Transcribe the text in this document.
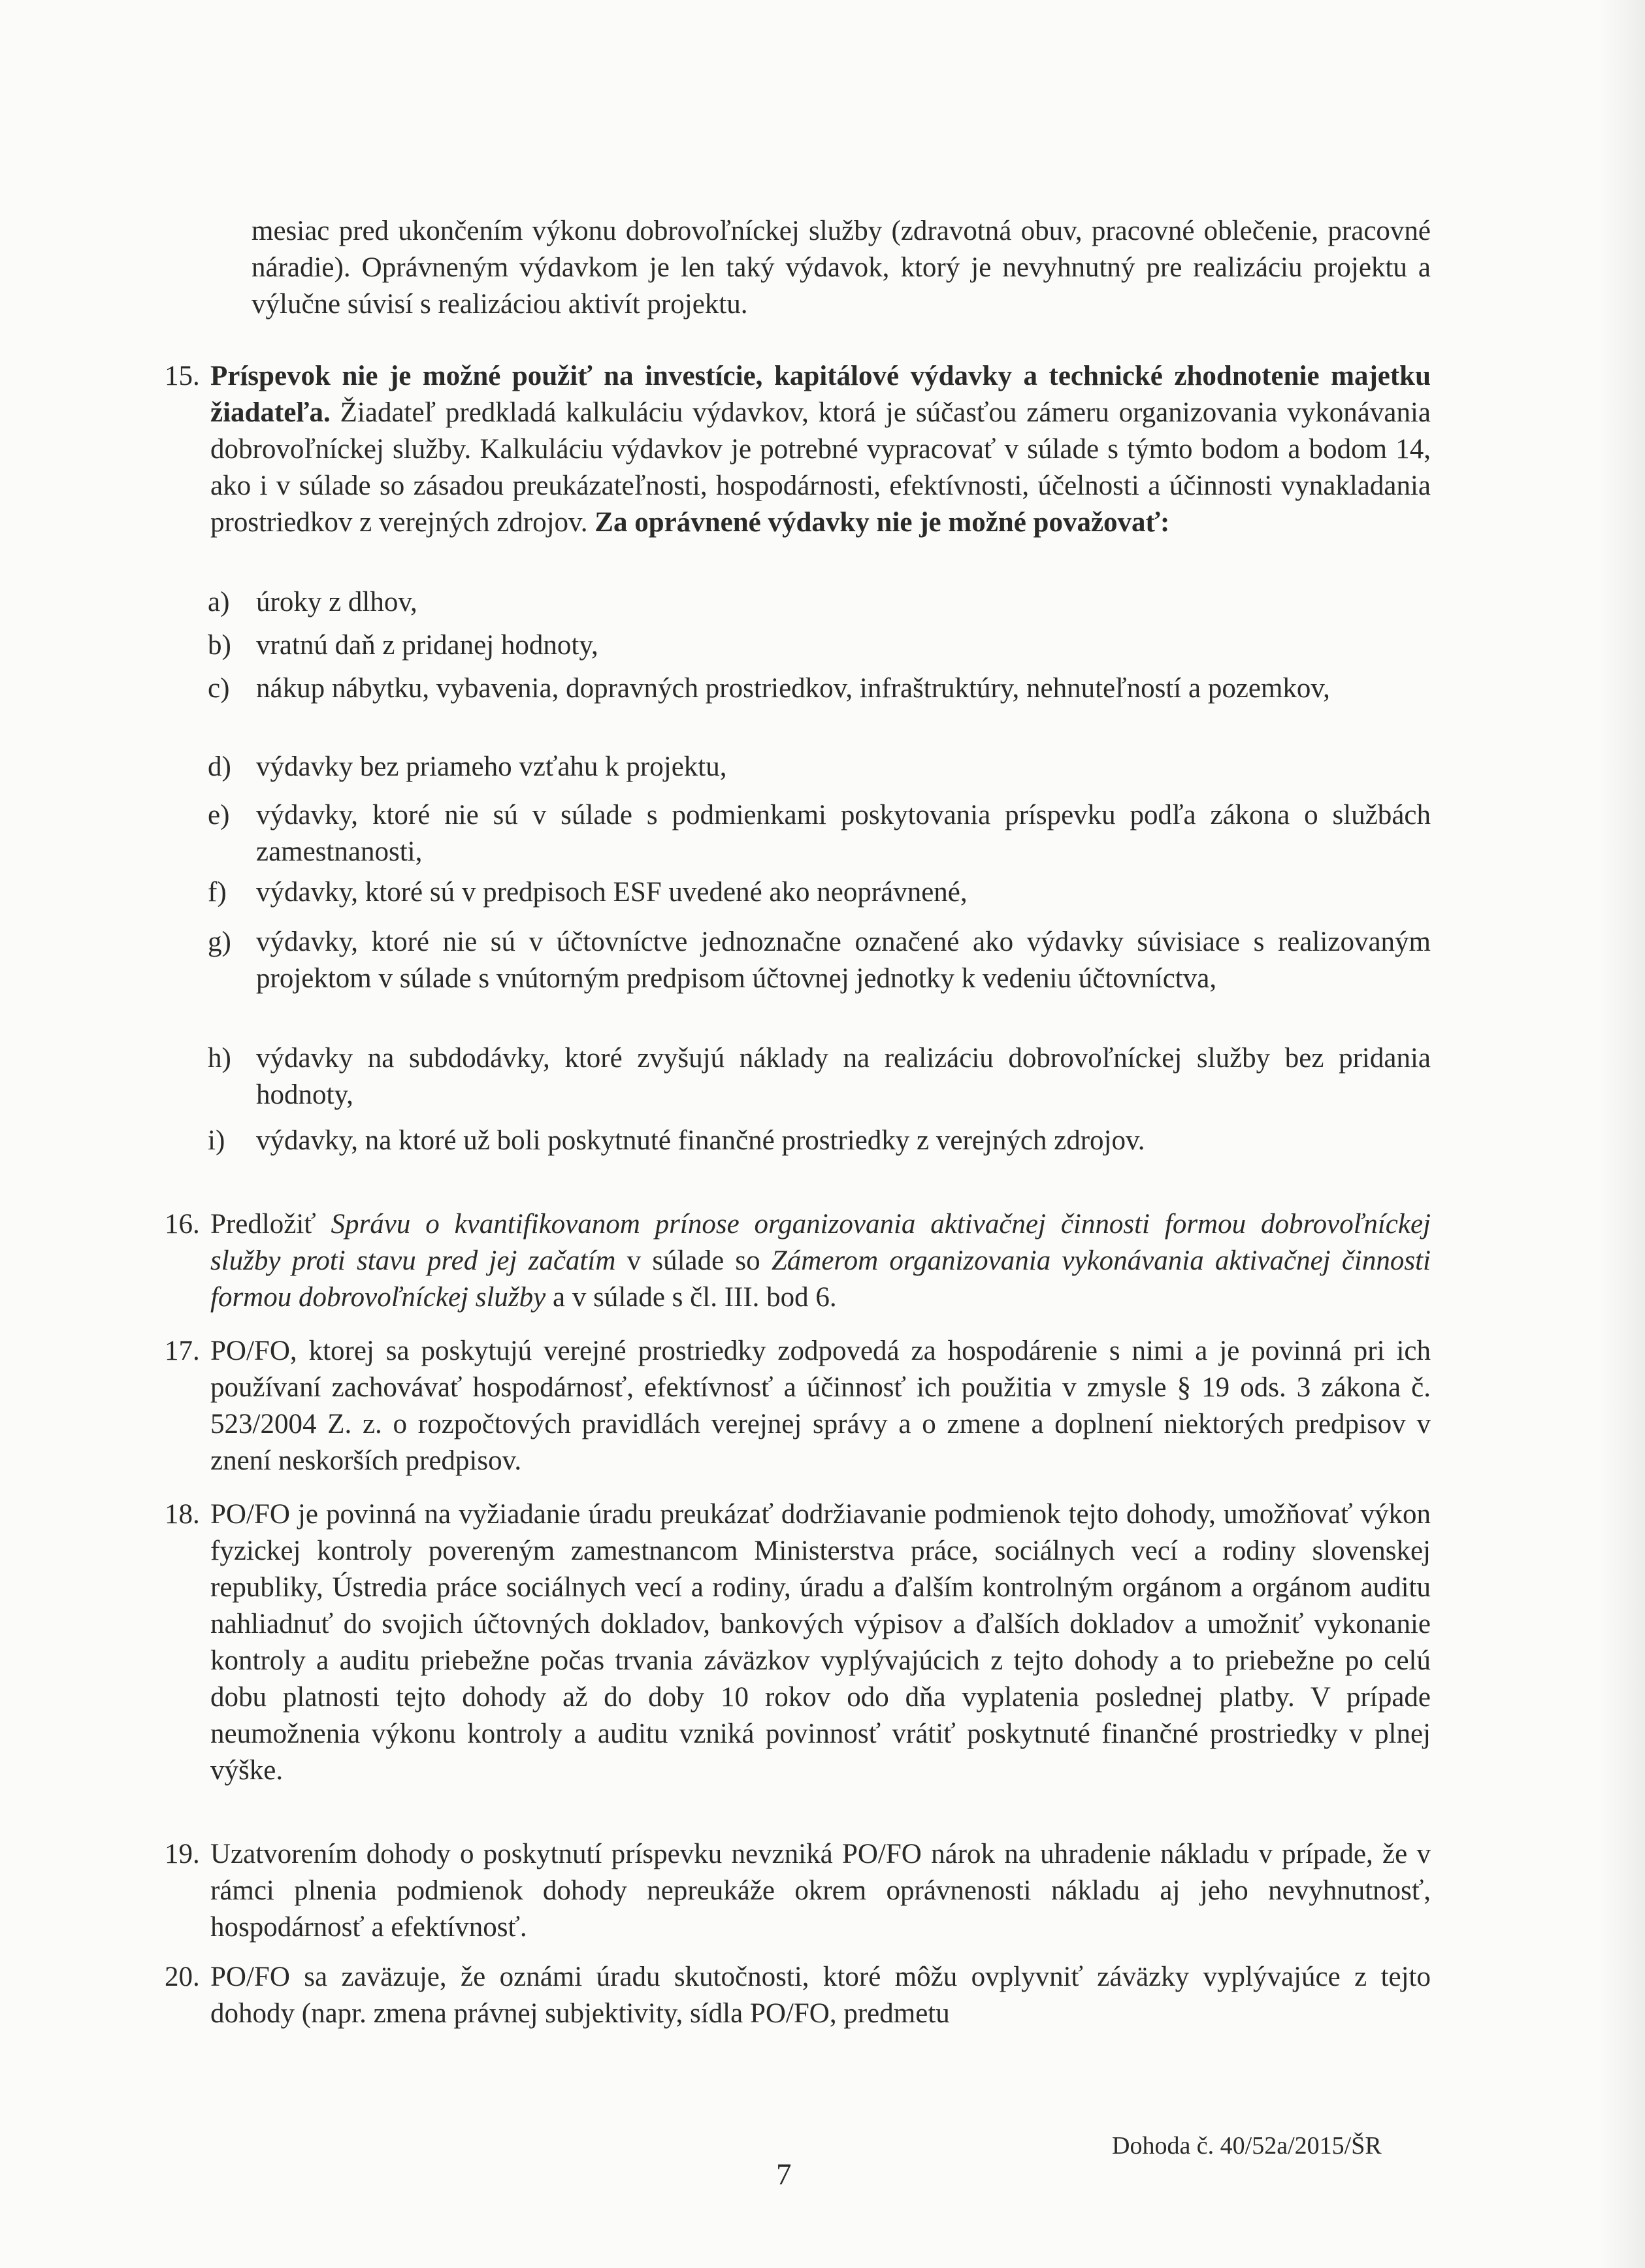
mesiac pred ukončením výkonu dobrovoľníckej služby (zdravotná obuv, pracovné oblečenie, pracovné náradie). Oprávneným výdavkom je len taký výdavok, ktorý je nevyhnutný pre realizáciu projektu a výlučne súvisí s realizáciou aktivít projektu.
15. Príspevok nie je možné použiť na investície, kapitálové výdavky a technické zhodnotenie majetku žiadateľa. Žiadateľ predkladá kalkuláciu výdavkov, ktorá je súčasťou zámeru organizovania vykonávania dobrovoľníckej služby. Kalkuláciu výdavkov je potrebné vypracovať v súlade s týmto bodom a bodom 14, ako i v súlade so zásadou preukázateľnosti, hospodárnosti, efektívnosti, účelnosti a účinnosti vynakladania prostriedkov z verejných zdrojov. Za oprávnené výdavky nie je možné považovať:
a) úroky z dlhov,
b) vratnú daň z pridanej hodnoty,
c) nákup nábytku, vybavenia, dopravných prostriedkov, infraštruktúry, nehnuteľností a pozemkov,
d) výdavky bez priameho vzťahu k projektu,
e) výdavky, ktoré nie sú v súlade s podmienkami poskytovania príspevku podľa zákona o službách zamestnanosti,
f) výdavky, ktoré sú v predpisoch ESF uvedené ako neoprávnené,
g) výdavky, ktoré nie sú v účtovníctve jednoznačne označené ako výdavky súvisiace s realizovaným projektom v súlade s vnútorným predpisom účtovnej jednotky k vedeniu účtovníctva,
h) výdavky na subdodávky, ktoré zvyšujú náklady na realizáciu dobrovoľníckej služby bez pridania hodnoty,
i) výdavky, na ktoré už boli poskytnuté finančné prostriedky z verejných zdrojov.
16. Predložiť Správu o kvantifikovanom prínose organizovania aktivačnej činnosti formou dobrovoľníckej služby proti stavu pred jej začatím v súlade so Zámerom organizovania vykonávania aktivačnej činnosti formou dobrovoľníckej služby a v súlade s čl. III. bod 6.
17. PO/FO, ktorej sa poskytujú verejné prostriedky zodpovedá za hospodárenie s nimi a je povinná pri ich používaní zachovávať hospodárnosť, efektívnosť a účinnosť ich použitia v zmysle § 19 ods. 3 zákona č. 523/2004 Z. z. o rozpočtových pravidlách verejnej správy a o zmene a doplnení niektorých predpisov v znení neskorších predpisov.
18. PO/FO je povinná na vyžiadanie úradu preukázať dodržiavanie podmienok tejto dohody, umožňovať výkon fyzickej kontroly povereným zamestnancom Ministerstva práce, sociálnych vecí a rodiny slovenskej republiky, Ústredia práce sociálnych vecí a rodiny, úradu a ďalším kontrolným orgánom a orgánom auditu nahliadnuť do svojich účtovných dokladov, bankových výpisov a ďalších dokladov a umožniť vykonanie kontroly a auditu priebežne počas trvania záväzkov vyplývajúcich z tejto dohody a to priebežne po celú dobu platnosti tejto dohody až do doby 10 rokov odo dňa vyplatenia poslednej platby. V prípade neumožnenia výkonu kontroly a auditu vzniká povinnosť vrátiť poskytnuté finančné prostriedky v plnej výške.
19. Uzatvorením dohody o poskytnutí príspevku nevzniká PO/FO nárok na uhradenie nákladu v prípade, že v rámci plnenia podmienok dohody nepreukáže okrem oprávnenosti nákladu aj jeho nevyhnutnosť, hospodárnosť a efektívnosť.
20. PO/FO sa zaväzuje, že oznámi úradu skutočnosti, ktoré môžu ovplyvniť záväzky vyplývajúce z tejto dohody (napr. zmena právnej subjektivity, sídla PO/FO, predmetu
Dohoda č. 40/52a/2015/ŠR
7
